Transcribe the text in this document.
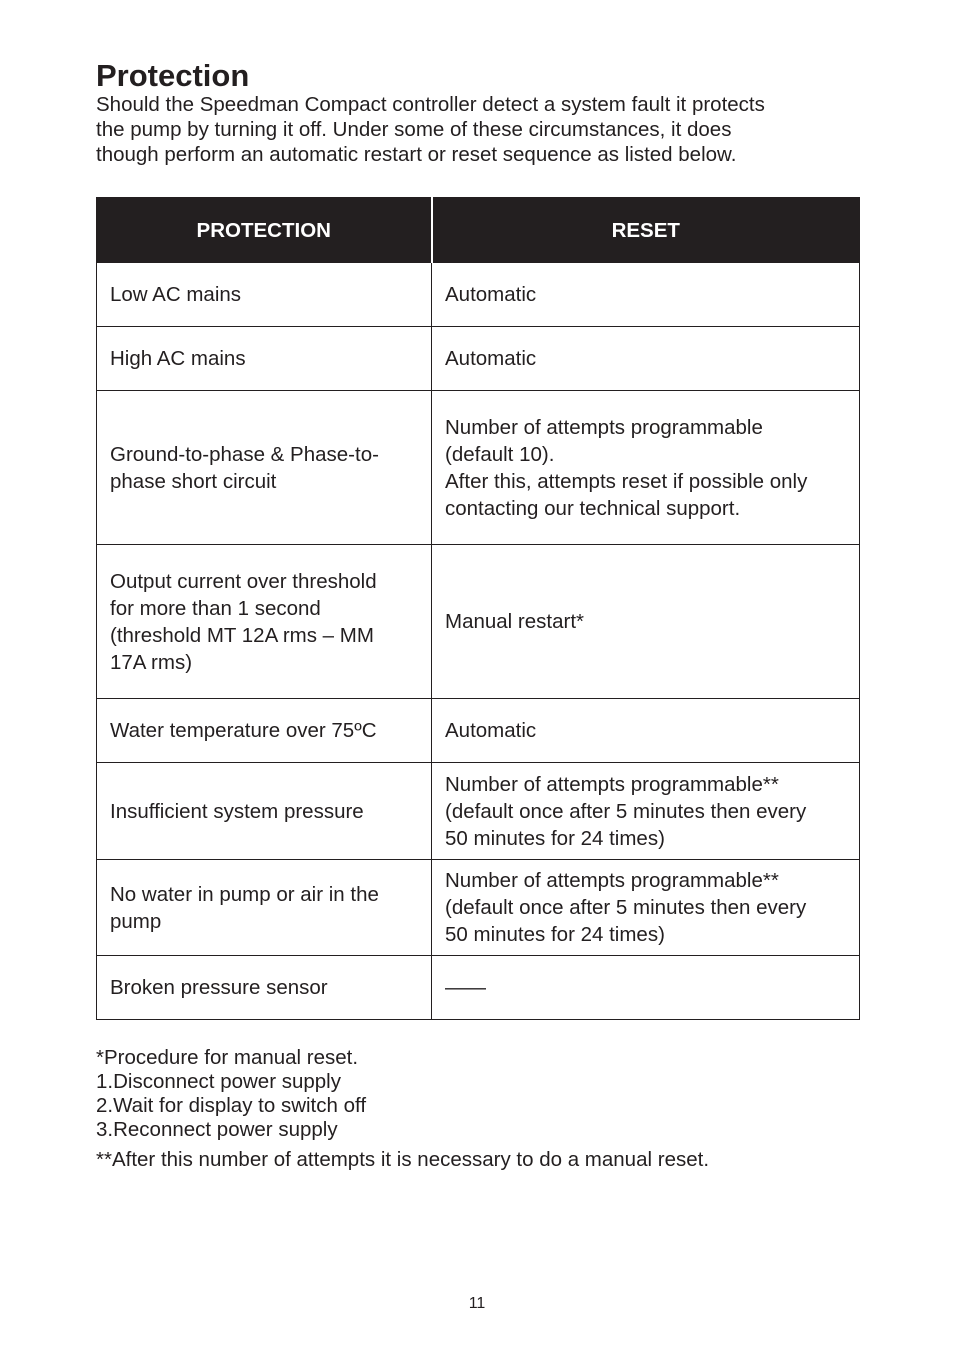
Protection

Should the Speedman Compact controller detect a system fault it protects
the pump by turning it off. Under some of these circumstances, it does
though perform an automatic restart or reset sequence as listed below.

PROTECTION	RESET

Low AC mains	Automatic

High AC mains	Automatic

Ground-to-phase & Phase-to-
phase short circuit	Number of attempts programmable
(default 10).
After this, attempts reset if possible only
contacting our technical support.

Output current over threshold
for more than 1 second
(threshold MT 12A rms – MM
17A rms)	Manual restart*

Water temperature over 75ºC	Automatic

Insufficient system pressure	Number of attempts programmable**
(default once after 5 minutes then every
50 minutes for 24 times)

No water in pump or air in the
pump	Number of attempts programmable**
(default once after 5 minutes then every
50 minutes for 24 times)

Broken pressure sensor	——
*Procedure for manual reset.
1.Disconnect power supply
2.Wait for display to switch off
3.Reconnect power supply
**After this number of attempts it is necessary to do a manual reset.
11
